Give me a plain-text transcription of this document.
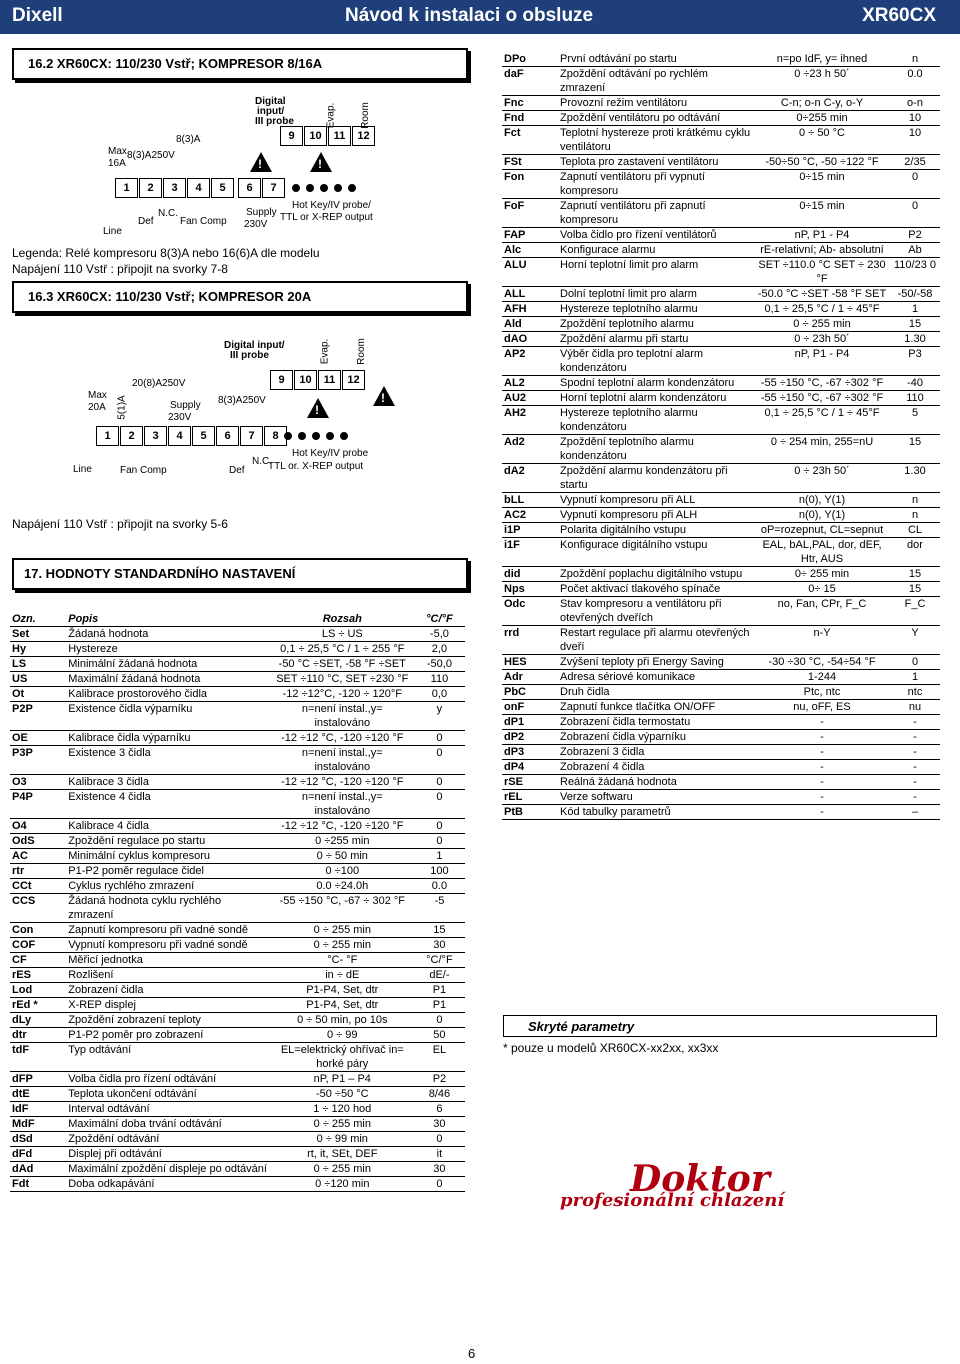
Dixell	Návod k instalaci o obsluze	XR60CX
16.2 XR60CX: 110/230 Vstř; KOMPRESOR 8/16A
Max
16A
8(3)A
8(3)A250V
1	2	3	4	5	6	7
9	10	11	12
Digital
input/
III probe	Evap. Room
Line
Def
N.C.
Fan Comp
Supply
230V
Hot Key/IV probe/
TTL or X-REP output
!
!
Legenda: Relé kompresoru 8(3)A nebo 16(6)A dle modelu
Napájení 110 Vstř : připojit na svorky 7-8
16.3 XR60CX: 110/230 Vstř; KOMPRESOR 20A
Digital input/
III probe	Evap.	Room
Max
20A
20(8)A250V
8(3)A250V
5(1)A	Supply
230V
1	2	3	4	5	6	7	8
9	10	11	12
Line	Fan Comp	Def
N.C.
Hot Key/IV probe
TTL or. X-REP output
!
!
Napájení 110 Vstř : připojit na svorky 5-6
17. HODNOTY STANDARDNÍHO NASTAVENÍ
Ozn.	Popis	Rozsah	°C/°F
Set	Žádaná hodnota	LS ÷ US	-5,0
Hy	Hystereze	0,1 ÷ 25,5 °C / 1 ÷ 255 °F	2,0
LS	Minimální žádaná hodnota	-50 °C ÷SET, -58 °F ÷SET	-50,0
US	Maximální žádaná hodnota	SET ÷110 °C, SET ÷230 °F	110
Ot	Kalibrace prostorového čidla	-12 ÷12°C, -120 ÷ 120°F	0,0
P2P	Existence čidla výparníku	n=není instal.,y= instalováno	y
OE	Kalibrace čidla výparníku	-12 ÷12 °C, -120 ÷120 °F	0
P3P	Existence 3 čidla	n=není instal.,y= instalováno	0
O3	Kalibrace 3 čidla	-12 ÷12 °C, -120 ÷120 °F	0
P4P	Existence 4 čidla	n=není instal.,y= instalováno	0
O4	Kalibrace 4 čidla	-12 ÷12 °C, -120 ÷120 °F	0
OdS	Zpoždění regulace po startu	0 ÷255 min	0
AC	Minimální cyklus kompresoru	0 ÷ 50 min	1
rtr	P1-P2 poměr regulace čidel	0 ÷100	100
CCt	Cyklus rychlého zmrazení	0.0 ÷24.0h	0.0
CCS	Žádaná hodnota cyklu rychlého zmrazení	-55 ÷150 °C, -67 ÷ 302 °F	-5
Con	Zapnutí kompresoru při vadné sondě	0 ÷ 255 min	15
COF	Vypnutí kompresoru při vadné sondě	0 ÷ 255 min	30
CF	Měřicí jednotka	°C- °F	°C/°F
rES	Rozlišení	in ÷ dE	dE/-
Lod	Zobrazení čidla	P1-P4, Set, dtr	P1
rEd *	X-REP displej	P1-P4, Set, dtr	P1
dLy	Zpoždění zobrazení teploty	0 ÷ 50 min, po 10s	0
dtr	P1-P2 poměr pro zobrazení	0 ÷ 99	50
tdF	Typ odtávání	EL=elektrický ohřívač in= horké páry	EL
dFP	Volba čidla pro řízení odtávání	nP, P1 – P4	P2
dtE	Teplota ukončení odtávání	-50 ÷50 °C	8/46
IdF	Interval odtávání	1 ÷ 120 hod	6
MdF	Maximální doba trvání odtávání	0 ÷ 255 min	30
dSd	Zpoždění odtávání	0 ÷ 99 min	0
dFd	Displej při odtávání	rt, it, SEt, DEF	it
dAd	Maximální zpoždění displeje po odtávání	0 ÷ 255 min	30
Fdt	Doba odkapávání	0 ÷120 min	0
DPo	První odtávání po startu	n=po IdF, y= ihned	n
daF	Zpoždění odtávání po rychlém zmrazení	0 ÷23 h 50´	0.0
Fnc	Provozní režim ventilátoru	C-n; o-n C-y, o-Y	o-n
Fnd	Zpoždění ventilátoru po odtávání	0÷255 min	10
Fct	Teplotní hystereze proti krátkému cyklu ventilátoru	0 ÷ 50 °C	10
FSt	Teplota pro zastavení ventilátoru	-50÷50 °C, -50 ÷122 °F	2/35
Fon	Zapnutí ventilátoru při vypnutí kompresoru	0÷15 min	0
FoF	Zapnutí ventilátoru při zapnutí kompresoru	0÷15 min	0
FAP	Volba čidlo pro řízení ventilátorů	nP, P1 - P4	P2
Alc	Konfigurace alarmu	rE-relativní; Ab- absolutní	Ab
ALU	Horní teplotní limit pro alarm	SET ÷110.0 °C SET ÷ 230 °F	110/23 0
ALL	Dolní teplotní limit pro alarm	-50.0 °C ÷SET -58 °F SET	-50/-58
AFH	Hystereze teplotního alarmu	0,1 ÷ 25,5 °C / 1 ÷ 45°F	1
Ald	Zpoždění teplotního alarmu	0 ÷ 255 min	15
dAO	Zpoždění alarmu při startu	0 ÷ 23h 50´	1.30
AP2	Výběr čidla pro teplotní alarm kondenzátoru	nP, P1 - P4	P3
AL2	Spodní teplotní alarm kondenzátoru	-55 ÷150 °C, -67 ÷302 °F	-40
AU2	Horní teplotní alarm kondenzátoru	-55 ÷150 °C, -67 ÷302 °F	110
AH2	Hystereze teplotního alarmu kondenzátoru	0,1 ÷ 25,5 °C / 1 ÷ 45°F	5
Ad2	Zpoždění teplotního alarmu kondenzátoru	0 ÷ 254 min, 255=nU	15
dA2	Zpoždění alarmu kondenzátoru při startu	0 ÷ 23h 50´	1.30
bLL	Vypnutí kompresoru při ALL	n(0), Y(1)	n
AC2	Vypnutí kompresoru při ALH	n(0), Y(1)	n
i1P	Polarita digitálního vstupu	oP=rozepnut, CL=sepnut	CL
i1F	Konfigurace digitálního vstupu	EAL, bAL,PAL, dor, dEF, Htr, AUS	dor
did	Zpoždění poplachu digitálního vstupu	0÷ 255 min	15
Nps	Počet aktivací tlakového spínače	0÷ 15	15
Odc	Stav kompresoru a ventilátoru při otevřených dveřích	no, Fan, CPr, F_C	F_C
rrd	Restart regulace při alarmu otevřených dveří	n-Y	Y
HES	Zvýšení teploty při Energy Saving	-30 ÷30 °C, -54÷54 °F	0
Adr	Adresa sériové komunikace	1-244	1
PbC	Druh čidla	Ptc, ntc	ntc
onF	Zapnutí funkce tlačítka ON/OFF	nu, oFF, ES	nu
dP1	Zobrazení čidla termostatu	-	-
dP2	Zobrazení čidla výparníku	-	-
dP3	Zobrazení 3 čidla	-	-
dP4	Zobrazení 4 čidla	-	-
rSE	Reálná žádaná hodnota	-	-
rEL	Verze softwaru	-	-
PtB	Kód tabulky parametrů	-	–
Skryté parametry
* pouze u modelů XR60CX-xx2xx, xx3xx
Doktor
profesionální chlazení
6
